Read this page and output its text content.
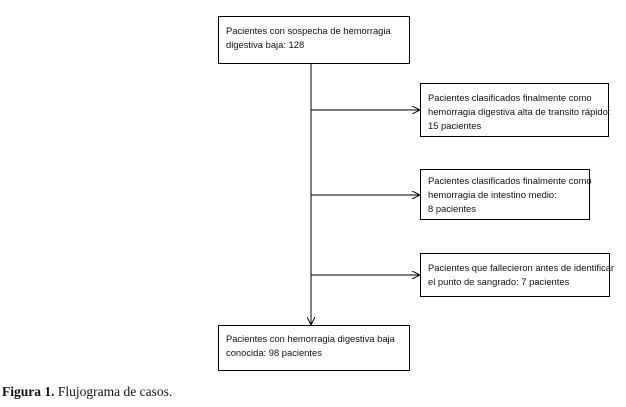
Pacientes con sospecha de hemorragia
digestiva baja: 128
Pacientes clasificados finalmente como
hemorragia digestiva alta de transito rápido:
15 pacientes
Pacientes clasificados finalmente como
hemorragia de intestino medio:
8 pacientes
Pacientes que fallecieron antes de identificar
el punto de sangrado: 7 pacientes
Pacientes con hemorragia digestiva baja
conocida: 98 pacientes
Figura 1. Flujograma de casos.
